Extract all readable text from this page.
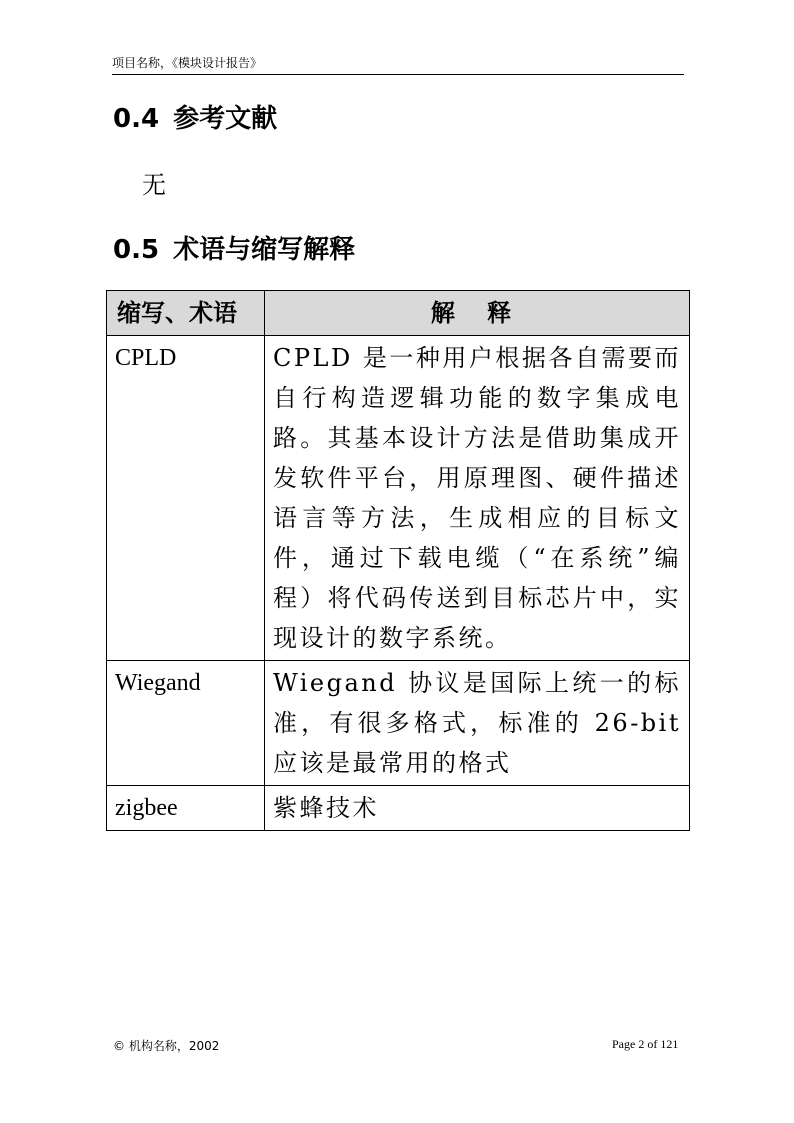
项目名称，《模块设计报告》
0.4 参考文献
无
0.5 术语与缩写解释
缩写、术语	解 释
CPLD	CPLD 是一种用户根据各自需要而自行构造逻辑功能的数字集成电路。其基本设计方法是借助集成开发软件平台，用原理图、硬件描述语言等方法，生成相应的目标文件，通过下载电缆（“在系统”编程）将代码传送到目标芯片中，实现设计的数字系统。
Wiegand	Wiegand 协议是国际上统一的标准，有很多格式，标准的 26-bit 应该是最常用的格式
zigbee	紫蜂技术
© 机构名称，2002	Page 2 of 121
